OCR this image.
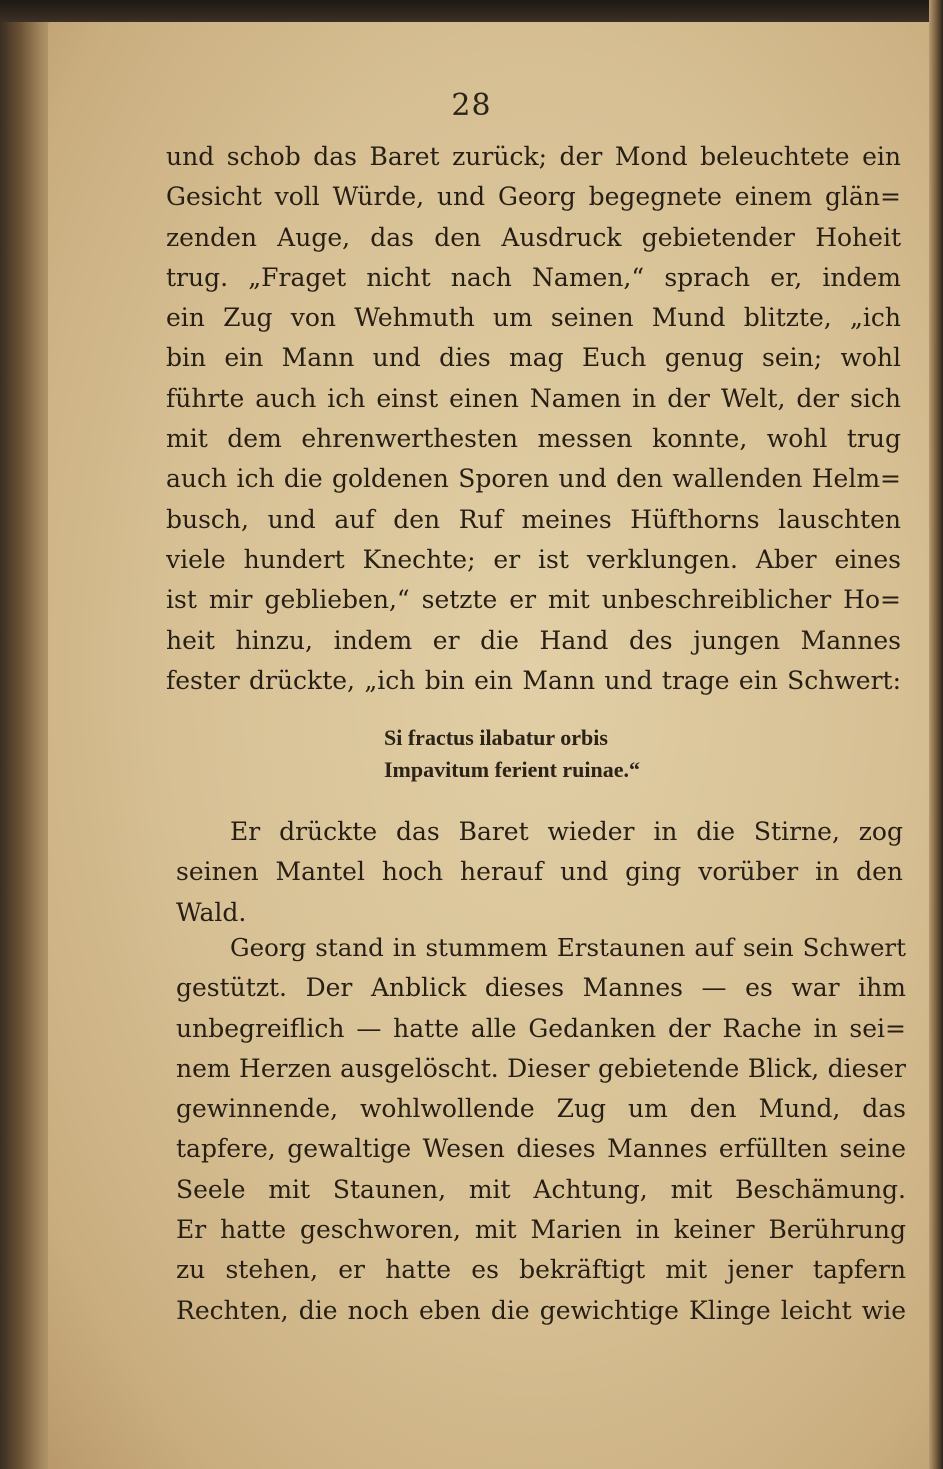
28
und schob das Baret zurück; der Mond beleuchtete ein
Gesicht voll Würde, und Georg begegnete einem glän=
zenden Auge, das den Ausdruck gebietender Hoheit
trug. „Fraget nicht nach Namen,“ sprach er, indem
ein Zug von Wehmuth um seinen Mund blitzte, „ich
bin ein Mann und dies mag Euch genug sein; wohl
führte auch ich einst einen Namen in der Welt, der sich
mit dem ehrenwerthesten messen konnte, wohl trug
auch ich die goldenen Sporen und den wallenden Helm=
busch, und auf den Ruf meines Hüfthorns lauschten
viele hundert Knechte; er ist verklungen. Aber eines
ist mir geblieben,“ setzte er mit unbeschreiblicher Ho=
heit hinzu, indem er die Hand des jungen Mannes
fester drückte, „ich bin ein Mann und trage ein Schwert:
Si fractus ilabatur orbis
Impavitum ferient ruinae.“
Er drückte das Baret wieder in die Stirne, zog
seinen Mantel hoch herauf und ging vorüber in den
Wald.
Georg stand in stummem Erstaunen auf sein Schwert
gestützt. Der Anblick dieses Mannes — es war ihm
unbegreiflich — hatte alle Gedanken der Rache in sei=
nem Herzen ausgelöscht. Dieser gebietende Blick, dieser
gewinnende, wohlwollende Zug um den Mund, das
tapfere, gewaltige Wesen dieses Mannes erfüllten seine
Seele mit Staunen, mit Achtung, mit Beschämung.
Er hatte geschworen, mit Marien in keiner Berührung
zu stehen, er hatte es bekräftigt mit jener tapfern
Rechten, die noch eben die gewichtige Klinge leicht wie
